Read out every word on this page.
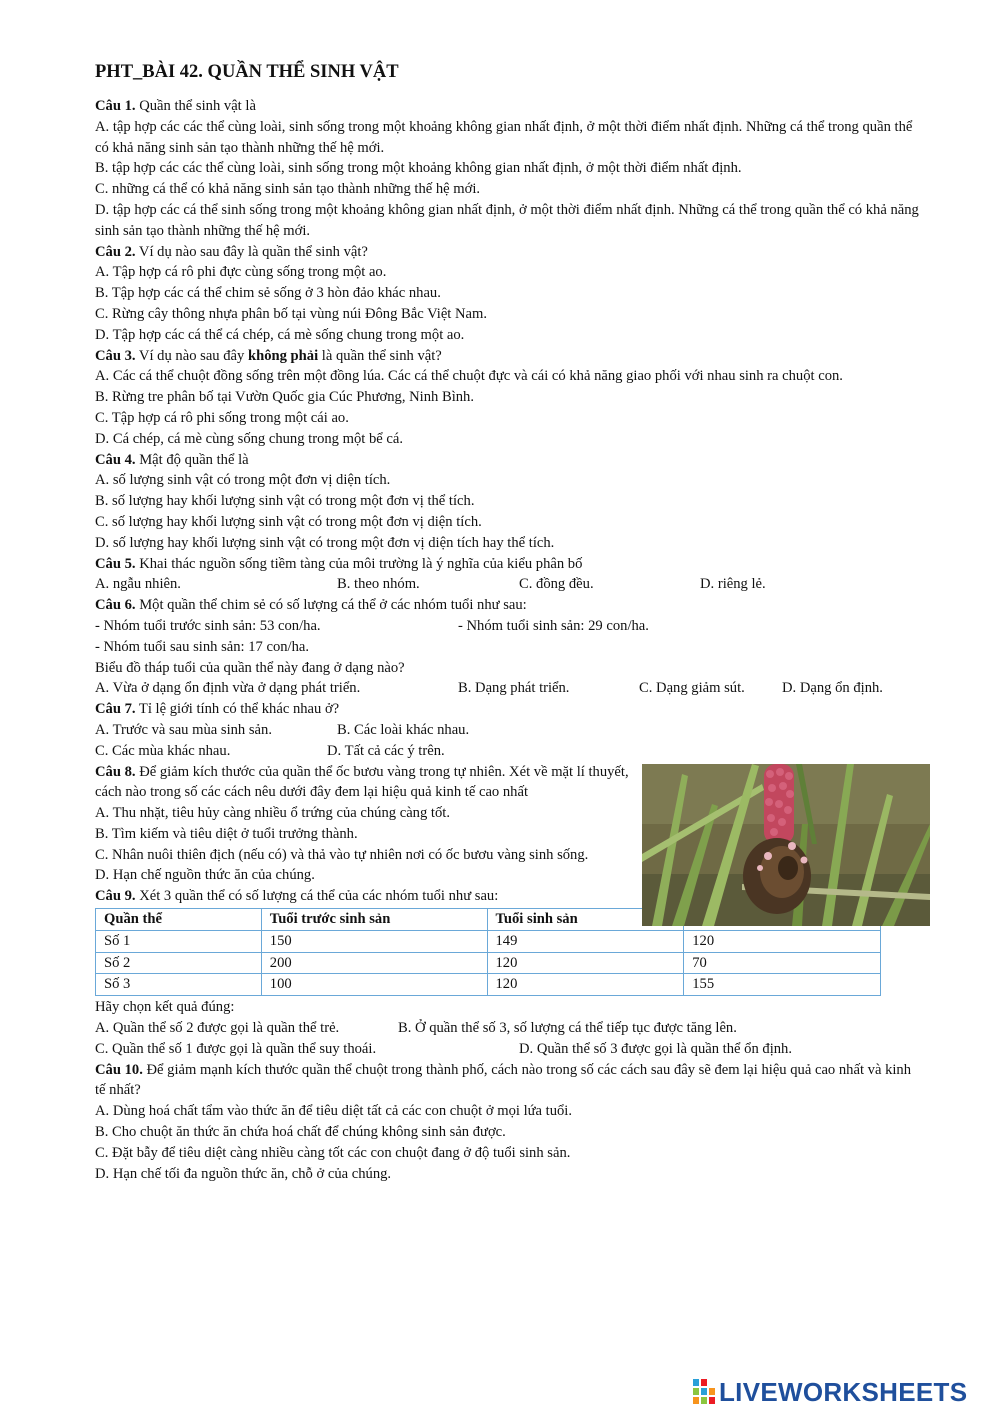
PHT_BÀI 42. QUẦN THỂ SINH VẬT
Câu 1. Quần thể sinh vật là
A. tập hợp các các thể cùng loài, sinh sống trong một khoảng không gian nhất định, ở một thời điểm nhất định. Những cá thể trong quần thể có khả năng sinh sản tạo thành những thế hệ mới.
B. tập hợp các các thể cùng loài, sinh sống trong một khoảng không gian nhất định, ở một thời điểm nhất định.
C. những cá thể có khả năng sinh sản tạo thành những thế hệ mới.
D. tập hợp các cá thể sinh sống trong một khoảng không gian nhất định, ở một thời điểm nhất định. Những cá thể trong quần thể có khả năng sinh sản tạo thành những thế hệ mới.
Câu 2. Ví dụ nào sau đây là quần thể sinh vật?
A. Tập hợp cá rô phi đực cùng sống trong một ao.
B. Tập hợp các cá thể chim sẻ sống ở 3 hòn đảo khác nhau.
C. Rừng cây thông nhựa phân bố tại vùng núi Đông Bắc Việt Nam.
D. Tập hợp các cá thể cá chép, cá mè sống chung trong một ao.
Câu 3. Ví dụ nào sau đây không phải là quần thể sinh vật?
A. Các cá thể chuột đồng sống trên một đồng lúa. Các cá thể chuột đực và cái có khả năng giao phối với nhau sinh ra chuột con.
B. Rừng tre phân bố tại Vườn Quốc gia Cúc Phương, Ninh Bình.
C. Tập hợp cá rô phi sống trong một cái ao.
D. Cá chép, cá mè cùng sống chung trong một bể cá.
Câu 4. Mật độ quần thể là
A. số lượng sinh vật có trong một đơn vị diện tích.
B. số lượng hay khối lượng sinh vật có trong một đơn vị thể tích.
C. số lượng hay khối lượng sinh vật có trong một đơn vị diện tích.
D. số lượng hay khối lượng sinh vật có trong một đơn vị diện tích hay thể tích.
Câu 5. Khai thác nguồn sống tiềm tàng của môi trường là ý nghĩa của kiểu phân bố
A. ngẫu nhiên.	B. theo nhóm.	C. đồng đều.	D. riêng lẻ.
Câu 6. Một quần thể chim sẻ có số lượng cá thể ở các nhóm tuổi như sau:
- Nhóm tuổi trước sinh sản: 53 con/ha.	- Nhóm tuổi sinh sản: 29 con/ha.
- Nhóm tuổi sau sinh sản: 17 con/ha.
Biểu đồ tháp tuổi của quần thể này đang ở dạng nào?
A. Vừa ở dạng ổn định vừa ở dạng phát triển.	B. Dạng phát triển.	C. Dạng giảm sút.	D. Dạng ổn định.
Câu 7. Tỉ lệ giới tính có thể khác nhau ở?
A. Trước và sau mùa sinh sản.	B. Các loài khác nhau.
C. Các mùa khác nhau.	D. Tất cả các ý trên.
Câu 8. Để giảm kích thước của quần thể ốc bươu vàng trong tự nhiên. Xét về mặt lí thuyết, cách nào trong số các cách nêu dưới đây đem lại hiệu quả kinh tế cao nhất
A. Thu nhặt, tiêu hủy càng nhiều ổ trứng của chúng càng tốt.
B. Tìm kiếm và tiêu diệt ở tuổi trưởng thành.
C. Nhân nuôi thiên địch (nếu có) và thả vào tự nhiên nơi có ốc bươu vàng sinh sống.
D. Hạn chế nguồn thức ăn của chúng.
Câu 9. Xét 3 quần thể có số lượng cá thể của các nhóm tuổi như sau:
Quần thể	Tuổi trước sinh sản	Tuổi sinh sản	
Số 1	150	149	120
Số 2	200	120	70
Số 3	100	120	155
Hãy chọn kết quả đúng:
A. Quần thể số 2 được gọi là quần thể trẻ.	B. Ở quần thể số 3, số lượng cá thể tiếp tục được tăng lên.
C. Quần thể số 1 được gọi là quần thể suy thoái.	D. Quần thể số 3 được gọi là quần thể ổn định.
Câu 10. Để giảm mạnh kích thước quần thể chuột trong thành phố, cách nào trong số các cách sau đây sẽ đem lại hiệu quả cao nhất và kinh tế nhất?
A. Dùng hoá chất tẩm vào thức ăn để tiêu diệt tất cả các con chuột ở mọi lứa tuổi.
B. Cho chuột ăn thức ăn chứa hoá chất để chúng không sinh sản được.
C. Đặt bẫy để tiêu diệt càng nhiều càng tốt các con chuột đang ở độ tuổi sinh sản.
D. Hạn chế tối đa nguồn thức ăn, chỗ ở của chúng.
LIVEWORKSHEETS
